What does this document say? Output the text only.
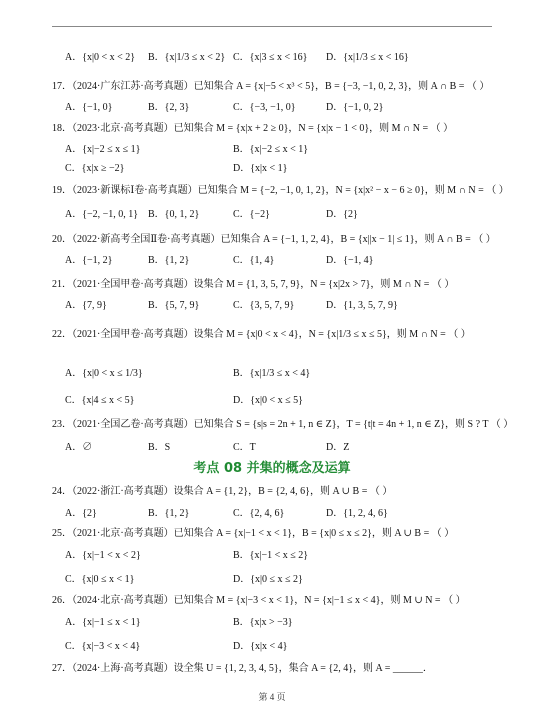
A．{x|0 < x < 2} B．{x|1/3 ≤ x < 2} C．{x|3 ≤ x < 16} D．{x|1/3 ≤ x < 16}
17．（2024·广东江苏·高考真题）已知集合 A = {x|−5 < x³ < 5}，B = {−3, −1, 0, 2, 3}，则 A ∩ B = （ ）
A．{−1, 0}	B．{2, 3}	C．{−3, −1, 0}	D．{−1, 0, 2}
18．（2023·北京·高考真题）已知集合 M = {x|x + 2 ≥ 0}，N = {x|x − 1 < 0}，则 M ∩ N = （ ）
A．{x|−2 ≤ x ≤ 1}	B．{x|−2 ≤ x < 1}
C．{x|x ≥ −2}	D．{x|x < 1}
19．（2023·新课标Ⅰ卷·高考真题）已知集合 M = {−2, −1, 0, 1, 2}，N = {x|x² − x − 6 ≥ 0}，则 M ∩ N = （ ）
A．{−2, −1, 0, 1} B．{0, 1, 2}	C．{−2}	D．{2}
20．（2022·新高考全国Ⅱ卷·高考真题）已知集合 A = {−1, 1, 2, 4}，B = {x||x − 1| ≤ 1}，则 A ∩ B = （ ）
A．{−1, 2}	B．{1, 2}	C．{1, 4}	D．{−1, 4}
21．（2021·全国甲卷·高考真题）设集合 M = {1, 3, 5, 7, 9}，N = {x|2x > 7}，则 M ∩ N = （ ）
A．{7, 9}	B．{5, 7, 9}	C．{3, 5, 7, 9}	D．{1, 3, 5, 7, 9}
22．（2021·全国甲卷·高考真题）设集合 M = {x|0 < x < 4}，N = {x|1/3 ≤ x ≤ 5}，则 M ∩ N = （ ）
A．{x|0 < x ≤ 1/3}	B．{x|1/3 ≤ x < 4}
C．{x|4 ≤ x < 5}	D．{x|0 < x ≤ 5}
23．（2021·全国乙卷·高考真题）已知集合 S = {s|s = 2n + 1, n ∈ Z}，T = {t|t = 4n + 1, n ∈ Z}，则 S ? T （ ）
A．∅	B．S	C．T	D．Z
考点 08 并集的概念及运算
24．（2022·浙江·高考真题）设集合 A = {1, 2}，B = {2, 4, 6}，则 A ∪ B = （ ）
A．{2}	B．{1, 2}	C．{2, 4, 6}	D．{1, 2, 4, 6}
25．（2021·北京·高考真题）已知集合 A = {x|−1 < x < 1}，B = {x|0 ≤ x ≤ 2}，则 A ∪ B = （ ）
A．{x|−1 < x < 2}	B．{x|−1 < x ≤ 2}
C．{x|0 ≤ x < 1}	D．{x|0 ≤ x ≤ 2}
26．（2024·北京·高考真题）已知集合 M = {x|−3 < x < 1}，N = {x|−1 ≤ x < 4}，则 M ∪ N = （ ）
A．{x|−1 ≤ x < 1}	B．{x|x > −3}
C．{x|−3 < x < 4}	D．{x|x < 4}
27．（2024·上海·高考真题）设全集 U = {1, 2, 3, 4, 5}，集合 A = {2, 4}，则 A = ______．
第 4 页
